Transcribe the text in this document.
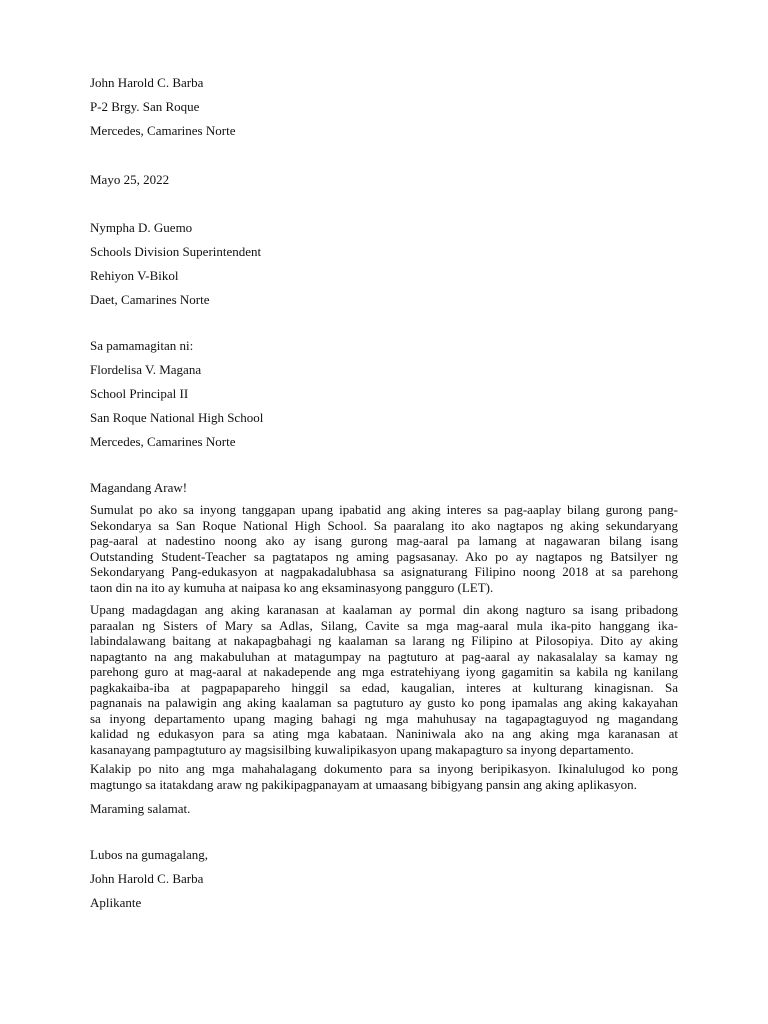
John Harold C. Barba
P-2 Brgy. San Roque
Mercedes, Camarines Norte
Mayo 25, 2022
Nympha D. Guemo
Schools Division Superintendent
Rehiyon V-Bikol
Daet, Camarines Norte
Sa pamamagitan ni:
Flordelisa V. Magana
School Principal II
San Roque National High School
Mercedes, Camarines Norte
Magandang Araw!
Sumulat po ako sa inyong tanggapan upang ipabatid ang aking interes sa pag-aaplay bilang gurong pang-
Sekondarya sa San Roque National High School. Sa paaralang ito ako nagtapos ng aking sekundaryang
pag-aaral at nadestino noong ako ay isang gurong mag-aaral pa lamang at nagawaran bilang isang
Outstanding Student-Teacher sa pagtatapos ng aming pagsasanay. Ako po ay nagtapos ng Batsilyer ng
Sekondaryang Pang-edukasyon at nagpakadalubhasa sa asignaturang Filipino noong 2018 at sa parehong
taon din na ito ay kumuha at naipasa ko ang eksaminasyong pangguro (LET).
Upang madagdagan ang aking karanasan at kaalaman ay pormal din akong nagturo sa isang pribadong
paraalan ng Sisters of Mary sa Adlas, Silang, Cavite sa mga mag-aaral mula ika-pito hanggang ika-
labindalawang baitang at nakapagbahagi ng kaalaman sa larang ng Filipino at Pilosopiya. Dito ay aking
napagtanto na ang makabuluhan at matagumpay na pagtuturo at pag-aaral ay nakasalalay sa kamay ng
parehong guro at mag-aaral at nakadepende ang mga estratehiyang iyong gagamitin sa kabila ng kanilang
pagkakaiba-iba at pagpapapareho hinggil sa edad, kaugalian, interes at kulturang kinagisnan. Sa
pagnanais na palawigin ang aking kaalaman sa pagtuturo ay gusto ko pong ipamalas ang aking kakayahan
sa inyong departamento upang maging bahagi ng mga mahuhusay na tagapagtaguyod ng magandang
kalidad ng edukasyon para sa ating mga kabataan. Naniniwala ako na ang aking mga karanasan at
kasanayang pampagtuturo ay magsisilbing kuwalipikasyon upang makapagturo sa inyong departamento.
Kalakip po nito ang mga mahahalagang dokumento para sa inyong beripikasyon. Ikinalulugod ko pong
magtungo sa itatakdang araw ng pakikipagpanayam at umaasang bibigyang pansin ang aking aplikasyon.
Maraming salamat.
Lubos na gumagalang,
John Harold C. Barba
Aplikante
